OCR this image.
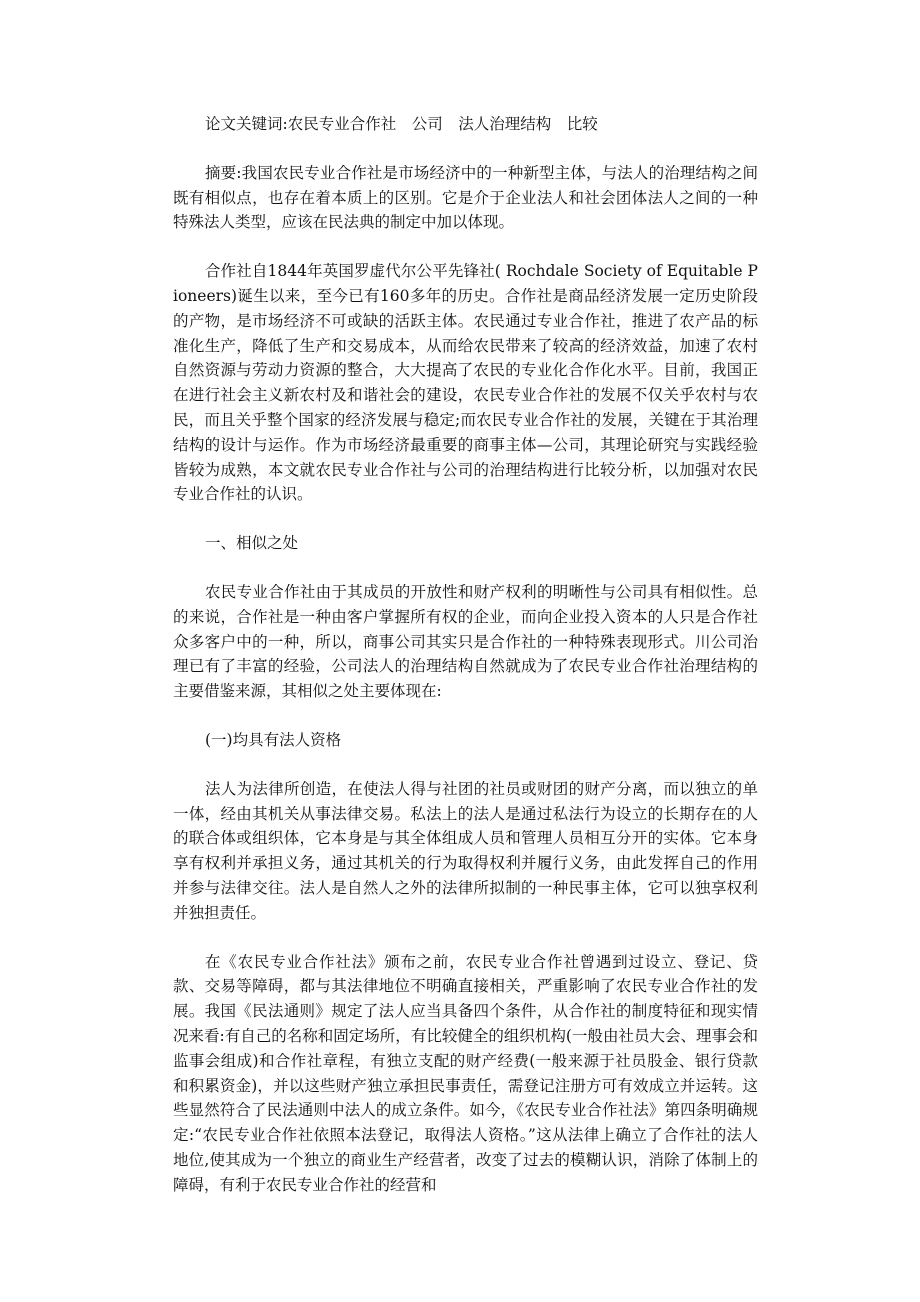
论文关键词:农民专业合作社　公司　法人治理结构　比较

摘要:我国农民专业合作社是市场经济中的一种新型主体，与法人的治理结构之间既有相似点，也存在着本质上的区别。它是介于企业法人和社会团体法人之间的一种特殊法人类型，应该在民法典的制定中加以体现。

合作社自1844年英国罗虚代尔公平先锋社( Rochdale Society of Equitable Pioneers)诞生以来，至今已有160多年的历史。合作社是商品经济发展一定历史阶段的产物，是市场经济不可或缺的活跃主体。农民通过专业合作社，推进了农产品的标准化生产，降低了生产和交易成本，从而给农民带来了较高的经济效益，加速了农村自然资源与劳动力资源的整合，大大提高了农民的专业化合作化水平。目前，我国正在进行社会主义新农村及和谐社会的建设，农民专业合作社的发展不仅关乎农村与农民，而且关乎整个国家的经济发展与稳定;而农民专业合作社的发展，关键在于其治理结构的设计与运作。作为市场经济最重要的商事主体—公司，其理论研究与实践经验皆较为成熟，本文就农民专业合作社与公司的治理结构进行比较分析，以加强对农民专业合作社的认识。

一、相似之处

农民专业合作社由于其成员的开放性和财产权利的明晰性与公司具有相似性。总的来说，合作社是一种由客户掌握所有权的企业，而向企业投入资本的人只是合作社众多客户中的一种，所以，商事公司其实只是合作社的一种特殊表现形式。川公司治理已有了丰富的经验，公司法人的治理结构自然就成为了农民专业合作社治理结构的主要借鉴来源，其相似之处主要体现在:

(一)均具有法人资格

法人为法律所创造，在使法人得与社团的社员或财团的财产分离，而以独立的单一体，经由其机关从事法律交易。私法上的法人是通过私法行为设立的长期存在的人的联合体或组织体，它本身是与其全体组成人员和管理人员相互分开的实体。它本身享有权利并承担义务，通过其机关的行为取得权利并履行义务，由此发挥自己的作用并参与法律交往。法人是自然人之外的法律所拟制的一种民事主体，它可以独享权利并独担责任。

在《农民专业合作社法》颁布之前，农民专业合作社曾遇到过设立、登记、贷款、交易等障碍，都与其法律地位不明确直接相关，严重影响了农民专业合作社的发展。我国《民法通则》规定了法人应当具备四个条件，从合作社的制度特征和现实情况来看:有自己的名称和固定场所，有比较健全的组织机构(一般由社员大会、理事会和监事会组成)和合作社章程，有独立支配的财产经费(一般来源于社员股金、银行贷款和积累资金)，并以这些财产独立承担民事责任，需登记注册方可有效成立并运转。这些显然符合了民法通则中法人的成立条件。如今，《农民专业合作社法》第四条明确规定:“农民专业合作社依照本法登记，取得法人资格。”这从法律上确立了合作社的法人地位,使其成为一个独立的商业生产经营者，改变了过去的模糊认识，消除了体制上的障碍，有利于农民专业合作社的经营和
